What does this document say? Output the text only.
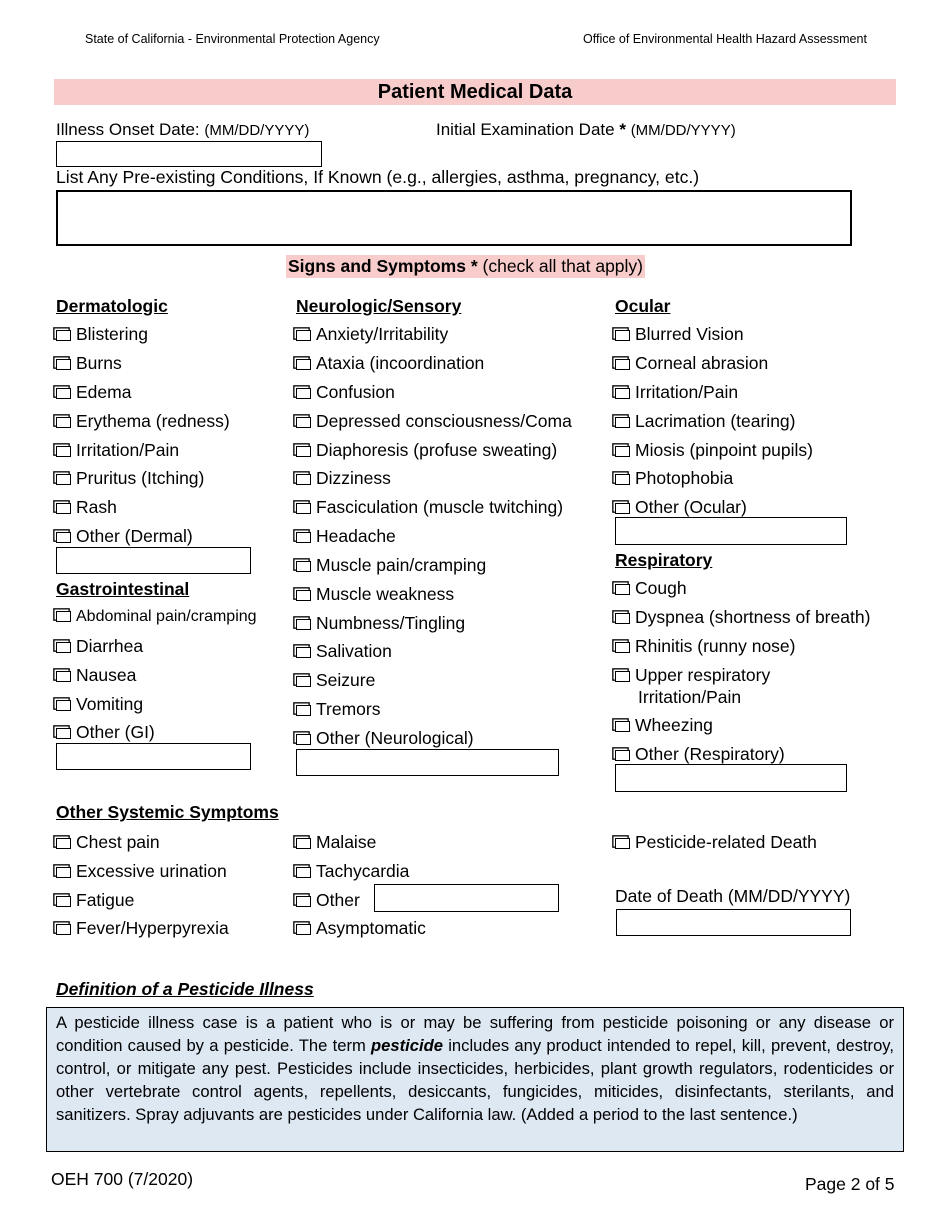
State of California - Environmental Protection Agency	Office of Environmental Health Hazard Assessment
Patient Medical Data
Illness Onset Date: (MM/DD/YYYY)	Initial Examination Date * (MM/DD/YYYY)
List Any Pre-existing Conditions, If Known (e.g., allergies, asthma, pregnancy, etc.)
Signs and Symptoms * (check all that apply)
Dermatologic
Blistering
Burns
Edema
Erythema (redness)
Irritation/Pain
Pruritus (Itching)
Rash
Other (Dermal)
Gastrointestinal
Abdominal pain/cramping
Diarrhea
Nausea
Vomiting
Other (GI)
Neurologic/Sensory
Anxiety/Irritability
Ataxia (incoordination
Confusion
Depressed consciousness/Coma
Diaphoresis (profuse sweating)
Dizziness
Fasciculation (muscle twitching)
Headache
Muscle pain/cramping
Muscle weakness
Numbness/Tingling
Salivation
Seizure
Tremors
Other (Neurological)
Ocular
Blurred Vision
Corneal abrasion
Irritation/Pain
Lacrimation (tearing)
Miosis (pinpoint pupils)
Photophobia
Other (Ocular)
Respiratory
Cough
Dyspnea (shortness of breath)
Rhinitis (runny nose)
Upper respiratory
Irritation/Pain
Wheezing
Other (Respiratory)
Other Systemic Symptoms
Chest pain
Excessive urination
Fatigue
Fever/Hyperpyrexia
Malaise
Tachycardia
Other
Asymptomatic
Pesticide-related Death
Date of Death (MM/DD/YYYY)
Definition of a Pesticide Illness
A pesticide illness case is a patient who is or may be suffering from pesticide poisoning or any disease or condition caused by a pesticide. The term pesticide includes any product intended to repel, kill, prevent, destroy, control, or mitigate any pest. Pesticides include insecticides, herbicides, plant growth regulators, rodenticides or other vertebrate control agents, repellents, desiccants, fungicides, miticides, disinfectants, sterilants, and sanitizers. Spray adjuvants are pesticides under California law. (Added a period to the last sentence.)
OEH 700 (7/2020)	Page 2 of 5
